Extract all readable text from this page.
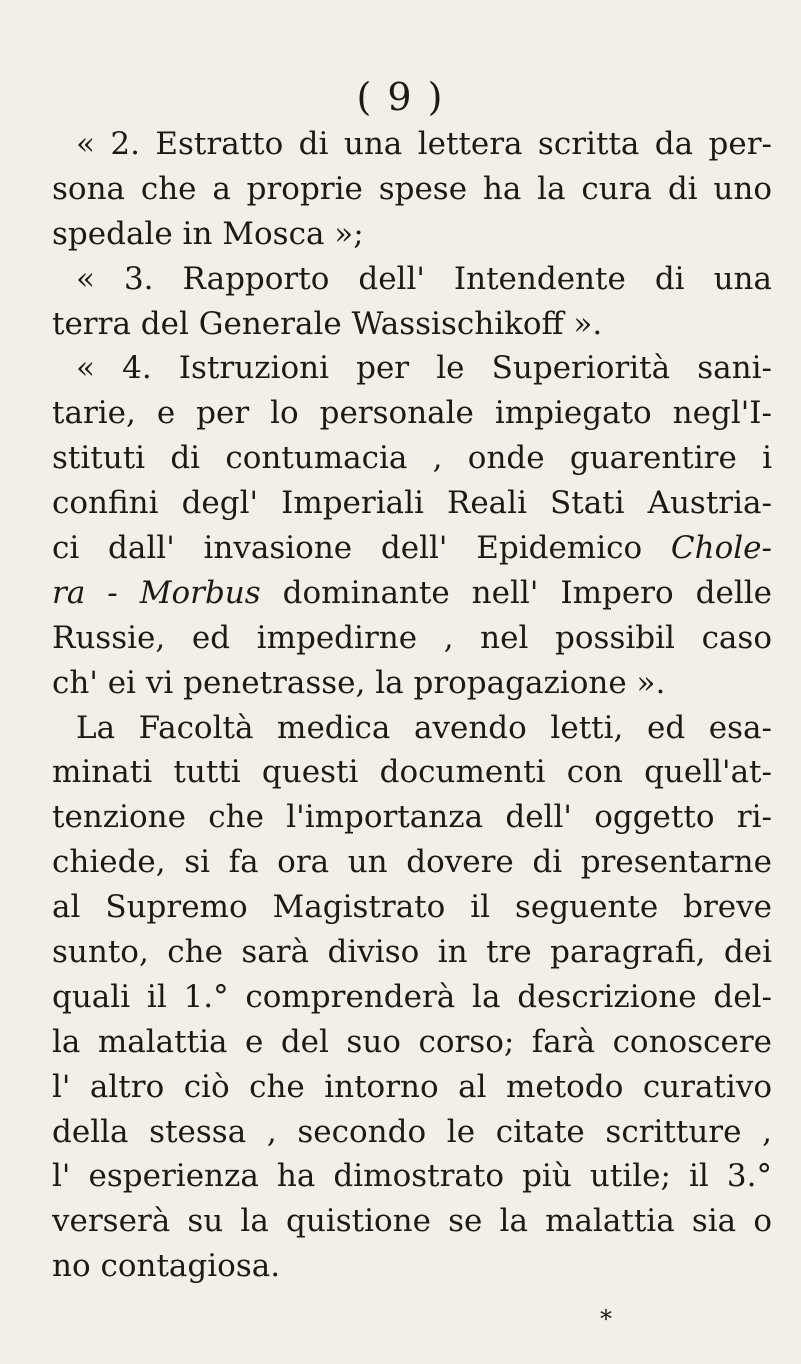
( 9 )
« 2. Estratto di una lettera scritta da per-
sona che a proprie spese ha la cura di uno
spedale in Mosca »;
« 3. Rapporto dell' Intendente di una
terra del Generale Wassischikoff ».
« 4. Istruzioni per le Superiorità sani-
tarie, e per lo personale impiegato negl'I-
stituti di contumacia , onde guarentire i
confini degl' Imperiali Reali Stati Austria-
ci dall' invasione dell' Epidemico Chole-
ra - Morbus dominante nell' Impero delle
Russie, ed impedirne , nel possibil caso
ch' ei vi penetrasse, la propagazione ».
La Facoltà medica avendo letti, ed esa-
minati tutti questi documenti con quell'at-
tenzione che l'importanza dell' oggetto ri-
chiede, si fa ora un dovere di presentarne
al Supremo Magistrato il seguente breve
sunto, che sarà diviso in tre paragrafi, dei
quali il 1.° comprenderà la descrizione del-
la malattia e del suo corso; farà conoscere
l' altro ciò che intorno al metodo curativo
della stessa , secondo le citate scritture ,
l' esperienza ha dimostrato più utile; il 3.°
verserà su la quistione se la malattia sia o
no contagiosa.
*
